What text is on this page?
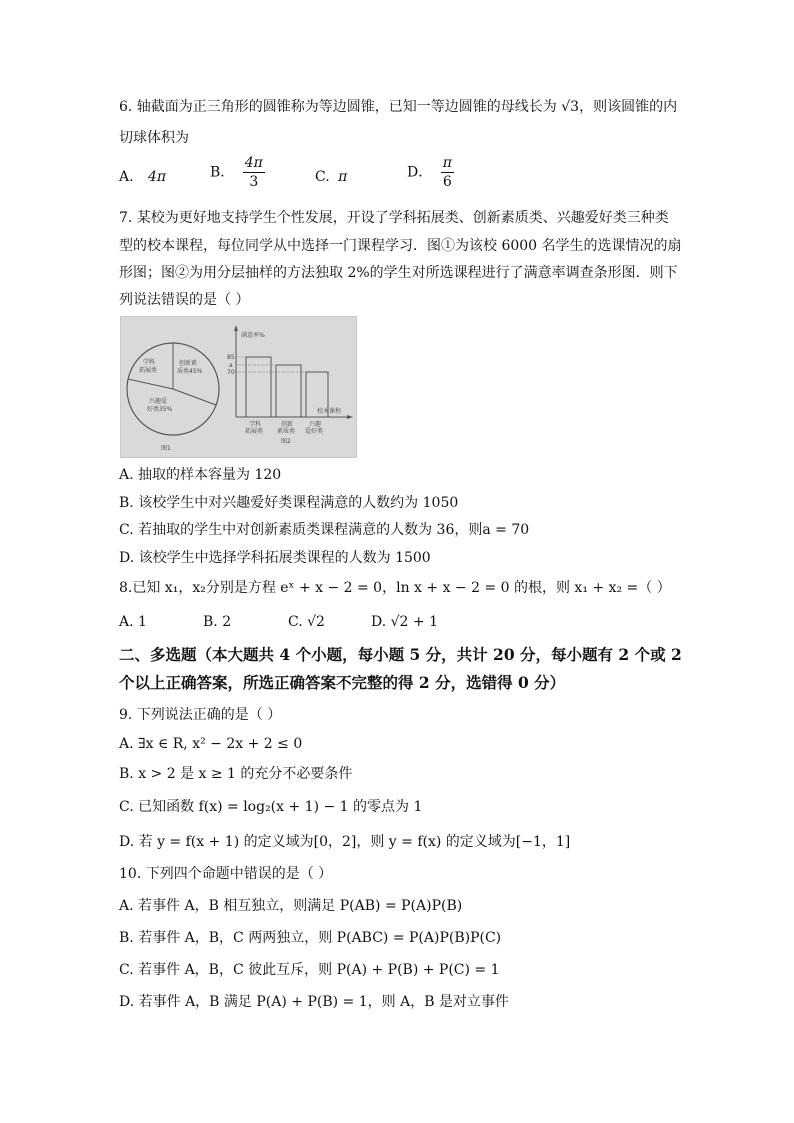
6. 轴截面为正三角形的圆锥称为等边圆锥，已知一等边圆锥的母线长为 √3，则该圆锥的内
切球体积为
A. 4π	B． $\frac{4\pi}{3}$	C. π	D． $\frac{\pi}{6}$
7. 某校为更好地支持学生个性发展，开设了学科拓展类、创新素质类、兴趣爱好类三种类
型的校本课程，每位同学从中选择一门课程学习．图①为该校 6000 名学生的选课情况的扇
形图；图②为用分层抽样的方法独取 2%的学生对所选课程进行了满意率调查条形图．则下
列说法错误的是（ ）
学科
拓展类
创新素
质类45%
兴趣爱
好类35%
图1
满意率%
校本课程
85
a
70
学科
拓展类
创新
素质类
兴趣
爱好类
图2
A. 抽取的样本容量为 120
B. 该校学生中对兴趣爱好类课程满意的人数约为 1050
C. 若抽取的学生中对创新素质类课程满意的人数为 36，则a = 70
D. 该校学生中选择学科拓展类课程的人数为 1500
8.已知 x₁，x₂分别是方程 eˣ + x − 2 = 0，ln x + x − 2 = 0 的根，则 x₁ + x₂ =（ ）
A. 1	B. 2	C. √2	D. √2 + 1
二、多选题（本大题共 4 个小题，每小题 5 分，共计 20 分，每小题有 2 个或 2
个以上正确答案，所选正确答案不完整的得 2 分，选错得 0 分）
9. 下列说法正确的是（ ）
A. ∃x ∈ R, x² − 2x + 2 ≤ 0
B. x > 2 是 x ≥ 1 的充分不必要条件
C. 已知函数 f(x) = log₂(x + 1) − 1 的零点为 1
D. 若 y = f(x + 1) 的定义域为[0，2]，则 y = f(x) 的定义域为[−1，1]
10. 下列四个命题中错误的是（ ）
A. 若事件 A，B 相互独立，则满足 P(AB) = P(A)P(B)
B. 若事件 A，B，C 两两独立，则 P(ABC) = P(A)P(B)P(C)
C. 若事件 A，B，C 彼此互斥，则 P(A) + P(B) + P(C) = 1
D. 若事件 A，B 满足 P(A) + P(B) = 1，则 A，B 是对立事件
